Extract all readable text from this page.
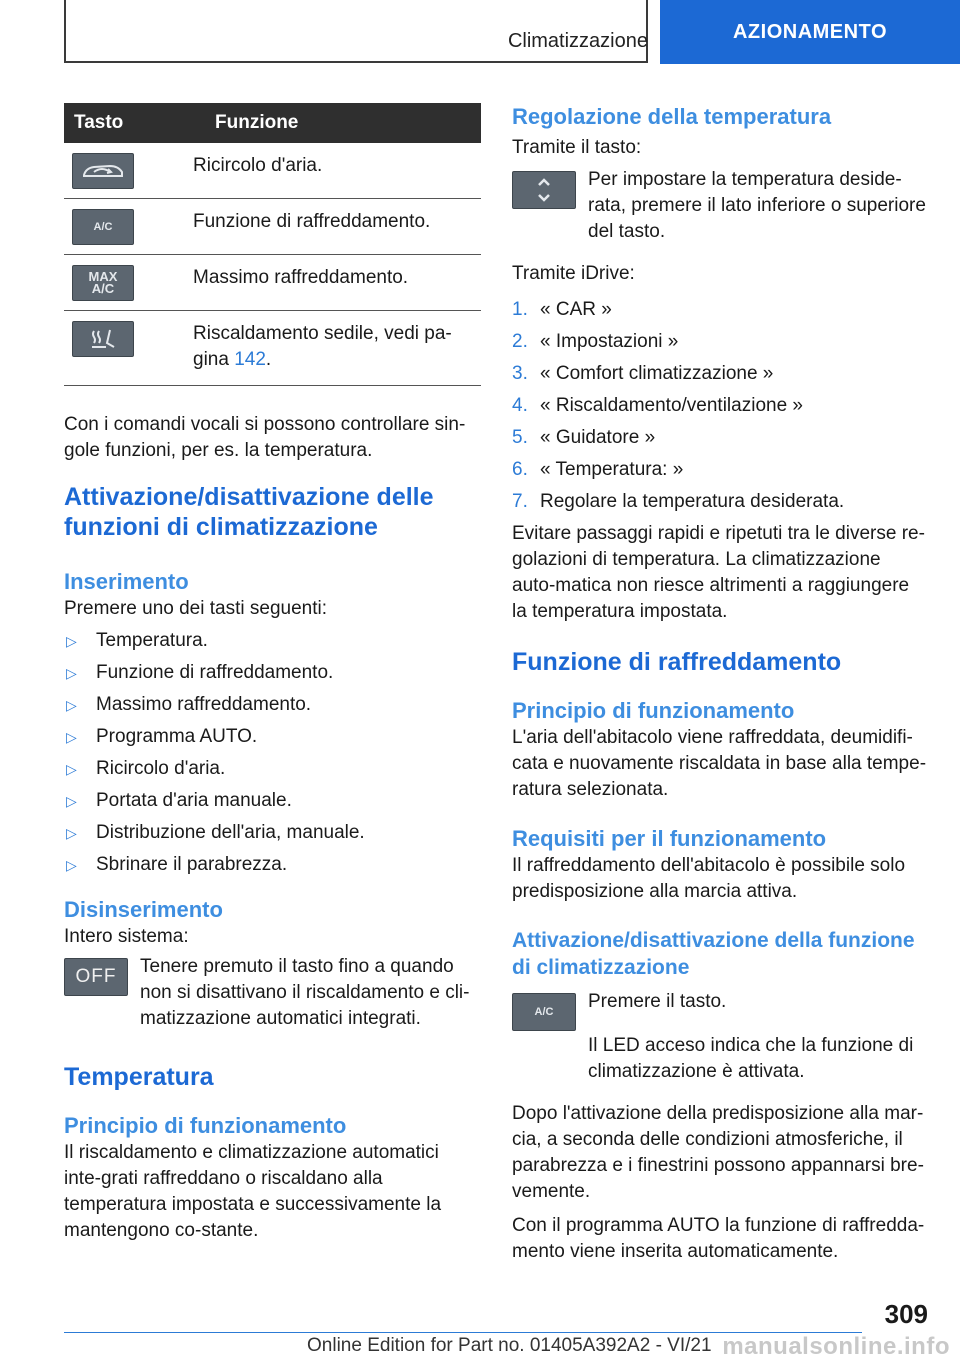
Climatizzazione	AZIONAMENTO
Tasto	Funzione

	Ricircolo d'aria.

A/C	Funzione di raffreddamento.

MAX A/C	Massimo raffreddamento.

	Riscaldamento sedile, vedi pa-gina 142.

Con i comandi vocali si possono controllare sin-gole funzioni, per es. la temperatura.

Attivazione/disattivazione delle funzioni di climatizzazione
Inserimento

Premere uno dei tasti seguenti:

▷	Temperatura.
▷	Funzione di raffreddamento.
▷	Massimo raffreddamento.
▷	Programma AUTO.
▷	Ricircolo d'aria.
▷	Portata d'aria manuale.
▷	Distribuzione dell'aria, manuale.
▷	Sbrinare il parabrezza.
Disinserimento

Intero sistema:

OFF	Tenere premuto il tasto fino a quando non si disattivano il riscaldamento e cli-matizzazione automatici integrati.

Temperatura
Principio di funzionamento

Il riscaldamento e climatizzazione automatici inte-grati raffreddano o riscaldano alla temperatura impostata e successivamente la mantengono co-stante.

Regolazione della temperatura

Tramite il tasto:

Per impostare la temperatura deside-rata, premere il lato inferiore o superiore del tasto.

Tramite iDrive:

1. « CAR »
2. « Impostazioni »
3. « Comfort climatizzazione »
4. « Riscaldamento/ventilazione »
5. « Guidatore »
6. « Temperatura: »
7. Regolare la temperatura desiderata.

Evitare passaggi rapidi e ripetuti tra le diverse re-golazioni di temperatura. La climatizzazione auto-matica non riesce altrimenti a raggiungere la temperatura impostata.

Funzione di raffreddamento
Principio di funzionamento

L'aria dell'abitacolo viene raffreddata, deumidifi-cata e nuovamente riscaldata in base alla tempe-ratura selezionata.

Requisiti per il funzionamento

Il raffreddamento dell'abitacolo è possibile solo predisposizione alla marcia attiva.

Attivazione/disattivazione della funzione di climatizzazione
A/C	Premere il tasto.

Il LED acceso indica che la funzione di climatizzazione è attivata.

Dopo l'attivazione della predisposizione alla mar-cia, a seconda delle condizioni atmosferiche, il parabrezza e i finestrini possono appannarsi bre-vemente.

Con il programma AUTO la funzione di raffredda-mento viene inserita automaticamente.

309
Online Edition for Part no. 01405A392A2 - VI/21 manualsonline.info
